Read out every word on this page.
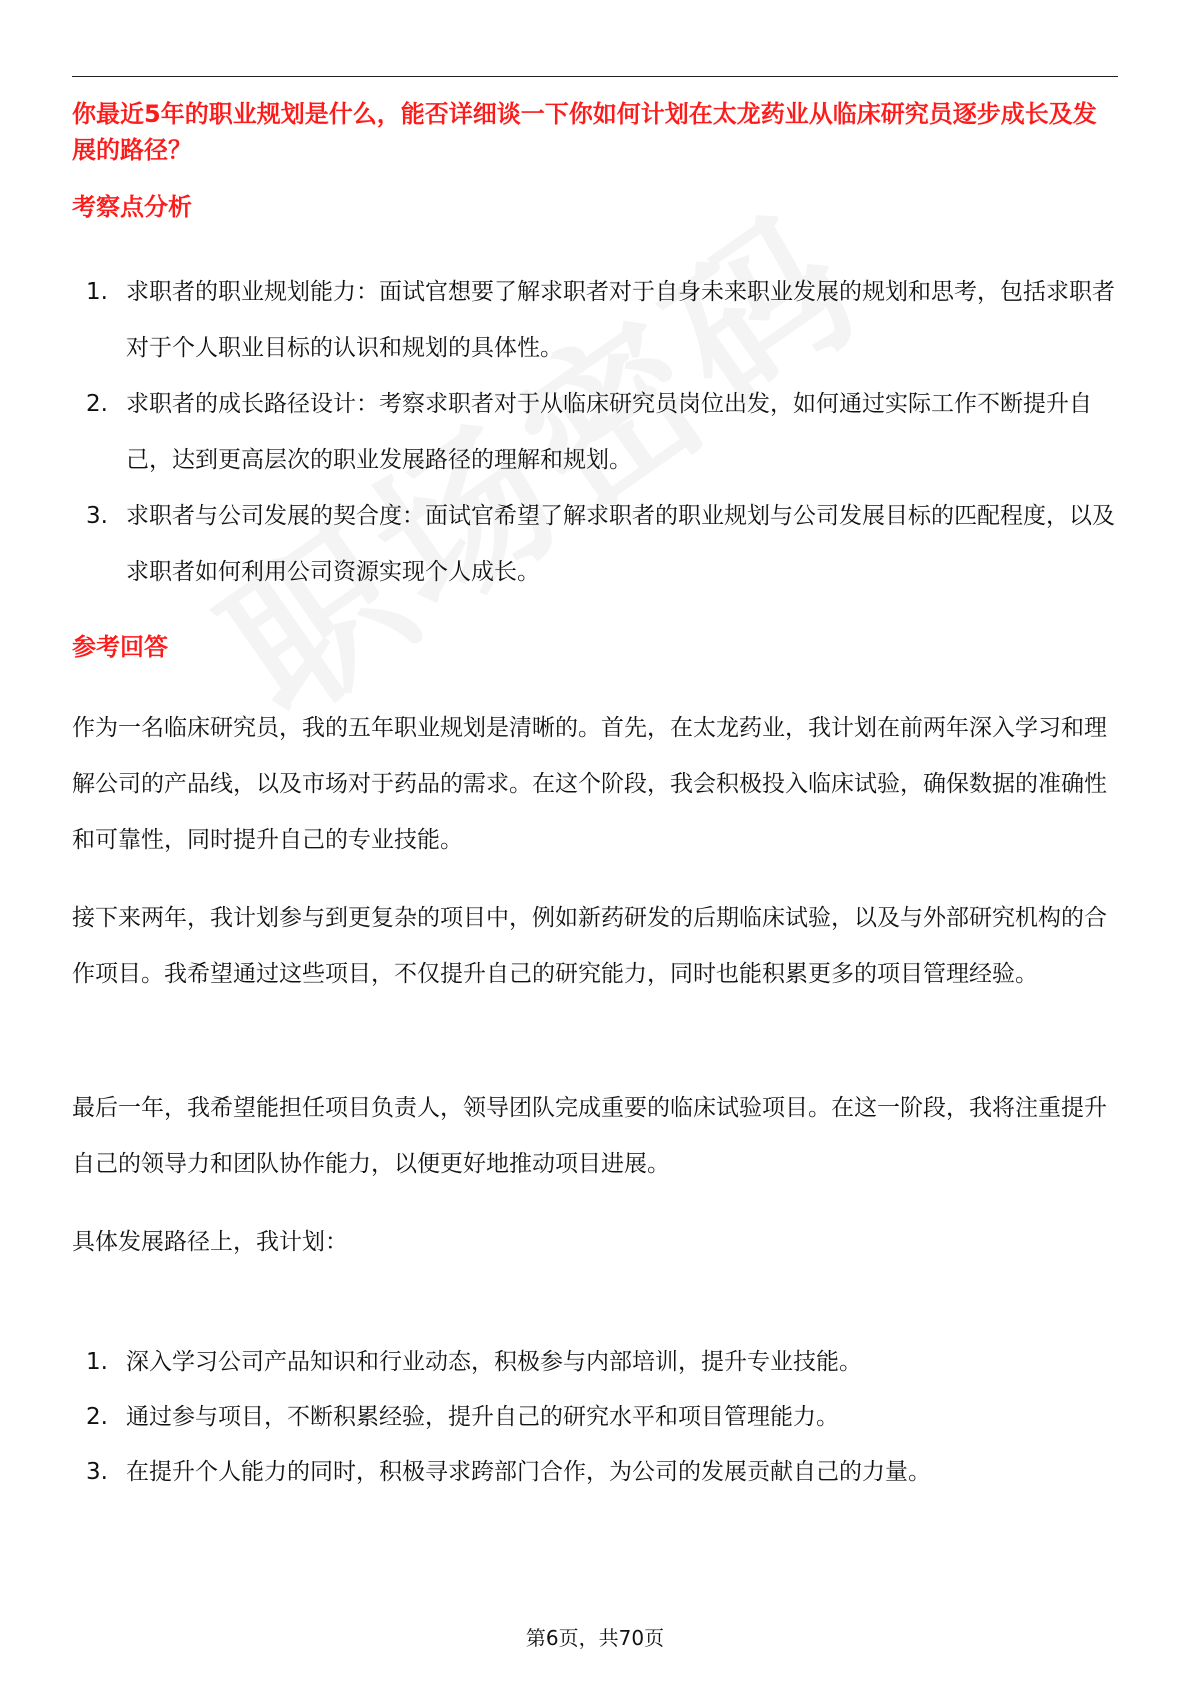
你最近5年的职业规划是什么，能否详细谈一下你如何计划在太龙药业从临床研究员逐步成长及发展的路径？
考察点分析
1. 求职者的职业规划能力：面试官想要了解求职者对于自身未来职业发展的规划和思考，包括求职者对于个人职业目标的认识和规划的具体性。
2. 求职者的成长路径设计：考察求职者对于从临床研究员岗位出发，如何通过实际工作不断提升自己，达到更高层次的职业发展路径的理解和规划。
3. 求职者与公司发展的契合度：面试官希望了解求职者的职业规划与公司发展目标的匹配程度，以及求职者如何利用公司资源实现个人成长。
参考回答

作为一名临床研究员，我的五年职业规划是清晰的。首先，在太龙药业，我计划在前两年深入学习和理解公司的产品线，以及市场对于药品的需求。在这个阶段，我会积极投入临床试验，确保数据的准确性和可靠性，同时提升自己的专业技能。

接下来两年，我计划参与到更复杂的项目中，例如新药研发的后期临床试验，以及与外部研究机构的合作项目。我希望通过这些项目，不仅提升自己的研究能力，同时也能积累更多的项目管理经验。

最后一年，我希望能担任项目负责人，领导团队完成重要的临床试验项目。在这一阶段，我将注重提升自己的领导力和团队协作能力，以便更好地推动项目进展。

具体发展路径上，我计划：

1. 深入学习公司产品知识和行业动态，积极参与内部培训，提升专业技能。
2. 通过参与项目，不断积累经验，提升自己的研究水平和项目管理能力。
3. 在提升个人能力的同时，积极寻求跨部门合作，为公司的发展贡献自己的力量。
第6页，共70页
